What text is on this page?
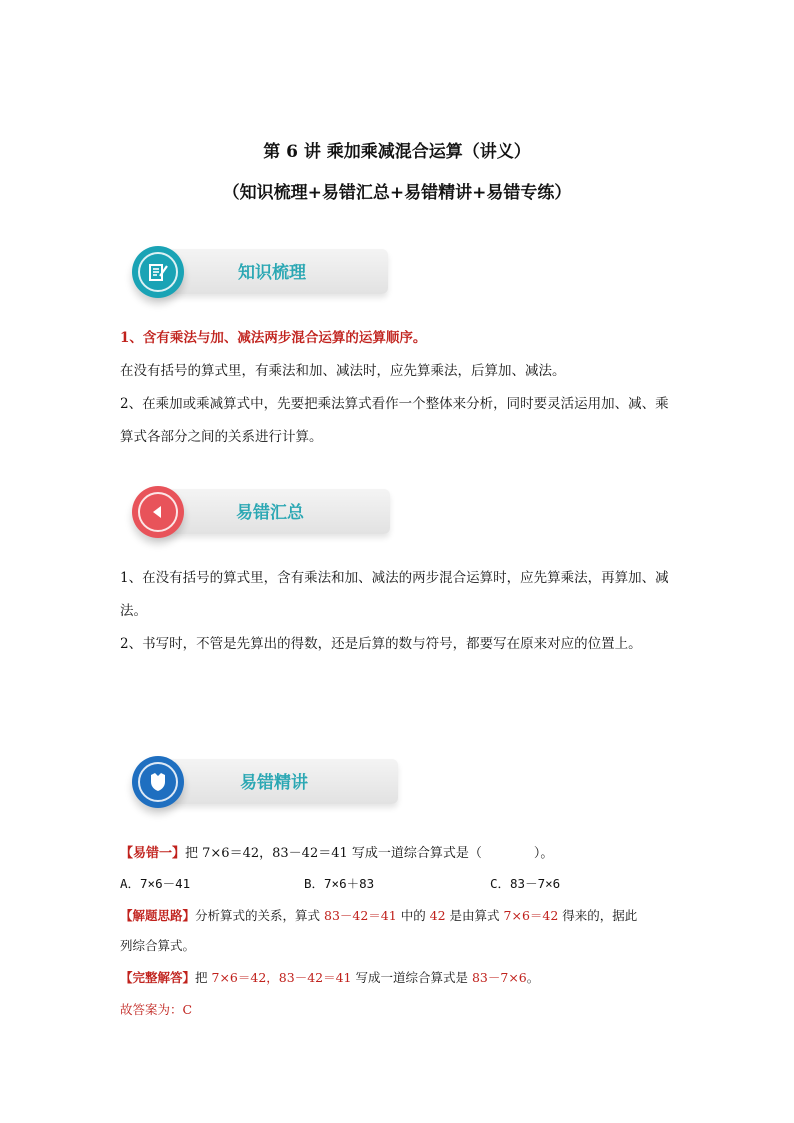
第 6 讲 乘加乘减混合运算（讲义）
（知识梳理+易错汇总+易错精讲+易错专练）
知识梳理
1、含有乘法与加、减法两步混合运算的运算顺序。
在没有括号的算式里，有乘法和加、减法时，应先算乘法，后算加、减法。
2、在乘加或乘减算式中，先要把乘法算式看作一个整体来分析，同时要灵活运用加、减、乘算式各部分之间的关系进行计算。
易错汇总
1、在没有括号的算式里，含有乘法和加、减法的两步混合运算时，应先算乘法，再算加、减法。
2、书写时，不管是先算出的得数，还是后算的数与符号，都要写在原来对应的位置上。
易错精讲
【易错一】把 7×6＝42，83－42＝41 写成一道综合算式是（　　　　）。
A．7×6－41	B．7×6＋83	C．83－7×6
【解题思路】分析算式的关系，算式 83－42＝41 中的 42 是由算式 7×6＝42 得来的，据此
列综合算式。
【完整解答】把 7×6＝42，83－42＝41 写成一道综合算式是 83－7×6。
故答案为：C
